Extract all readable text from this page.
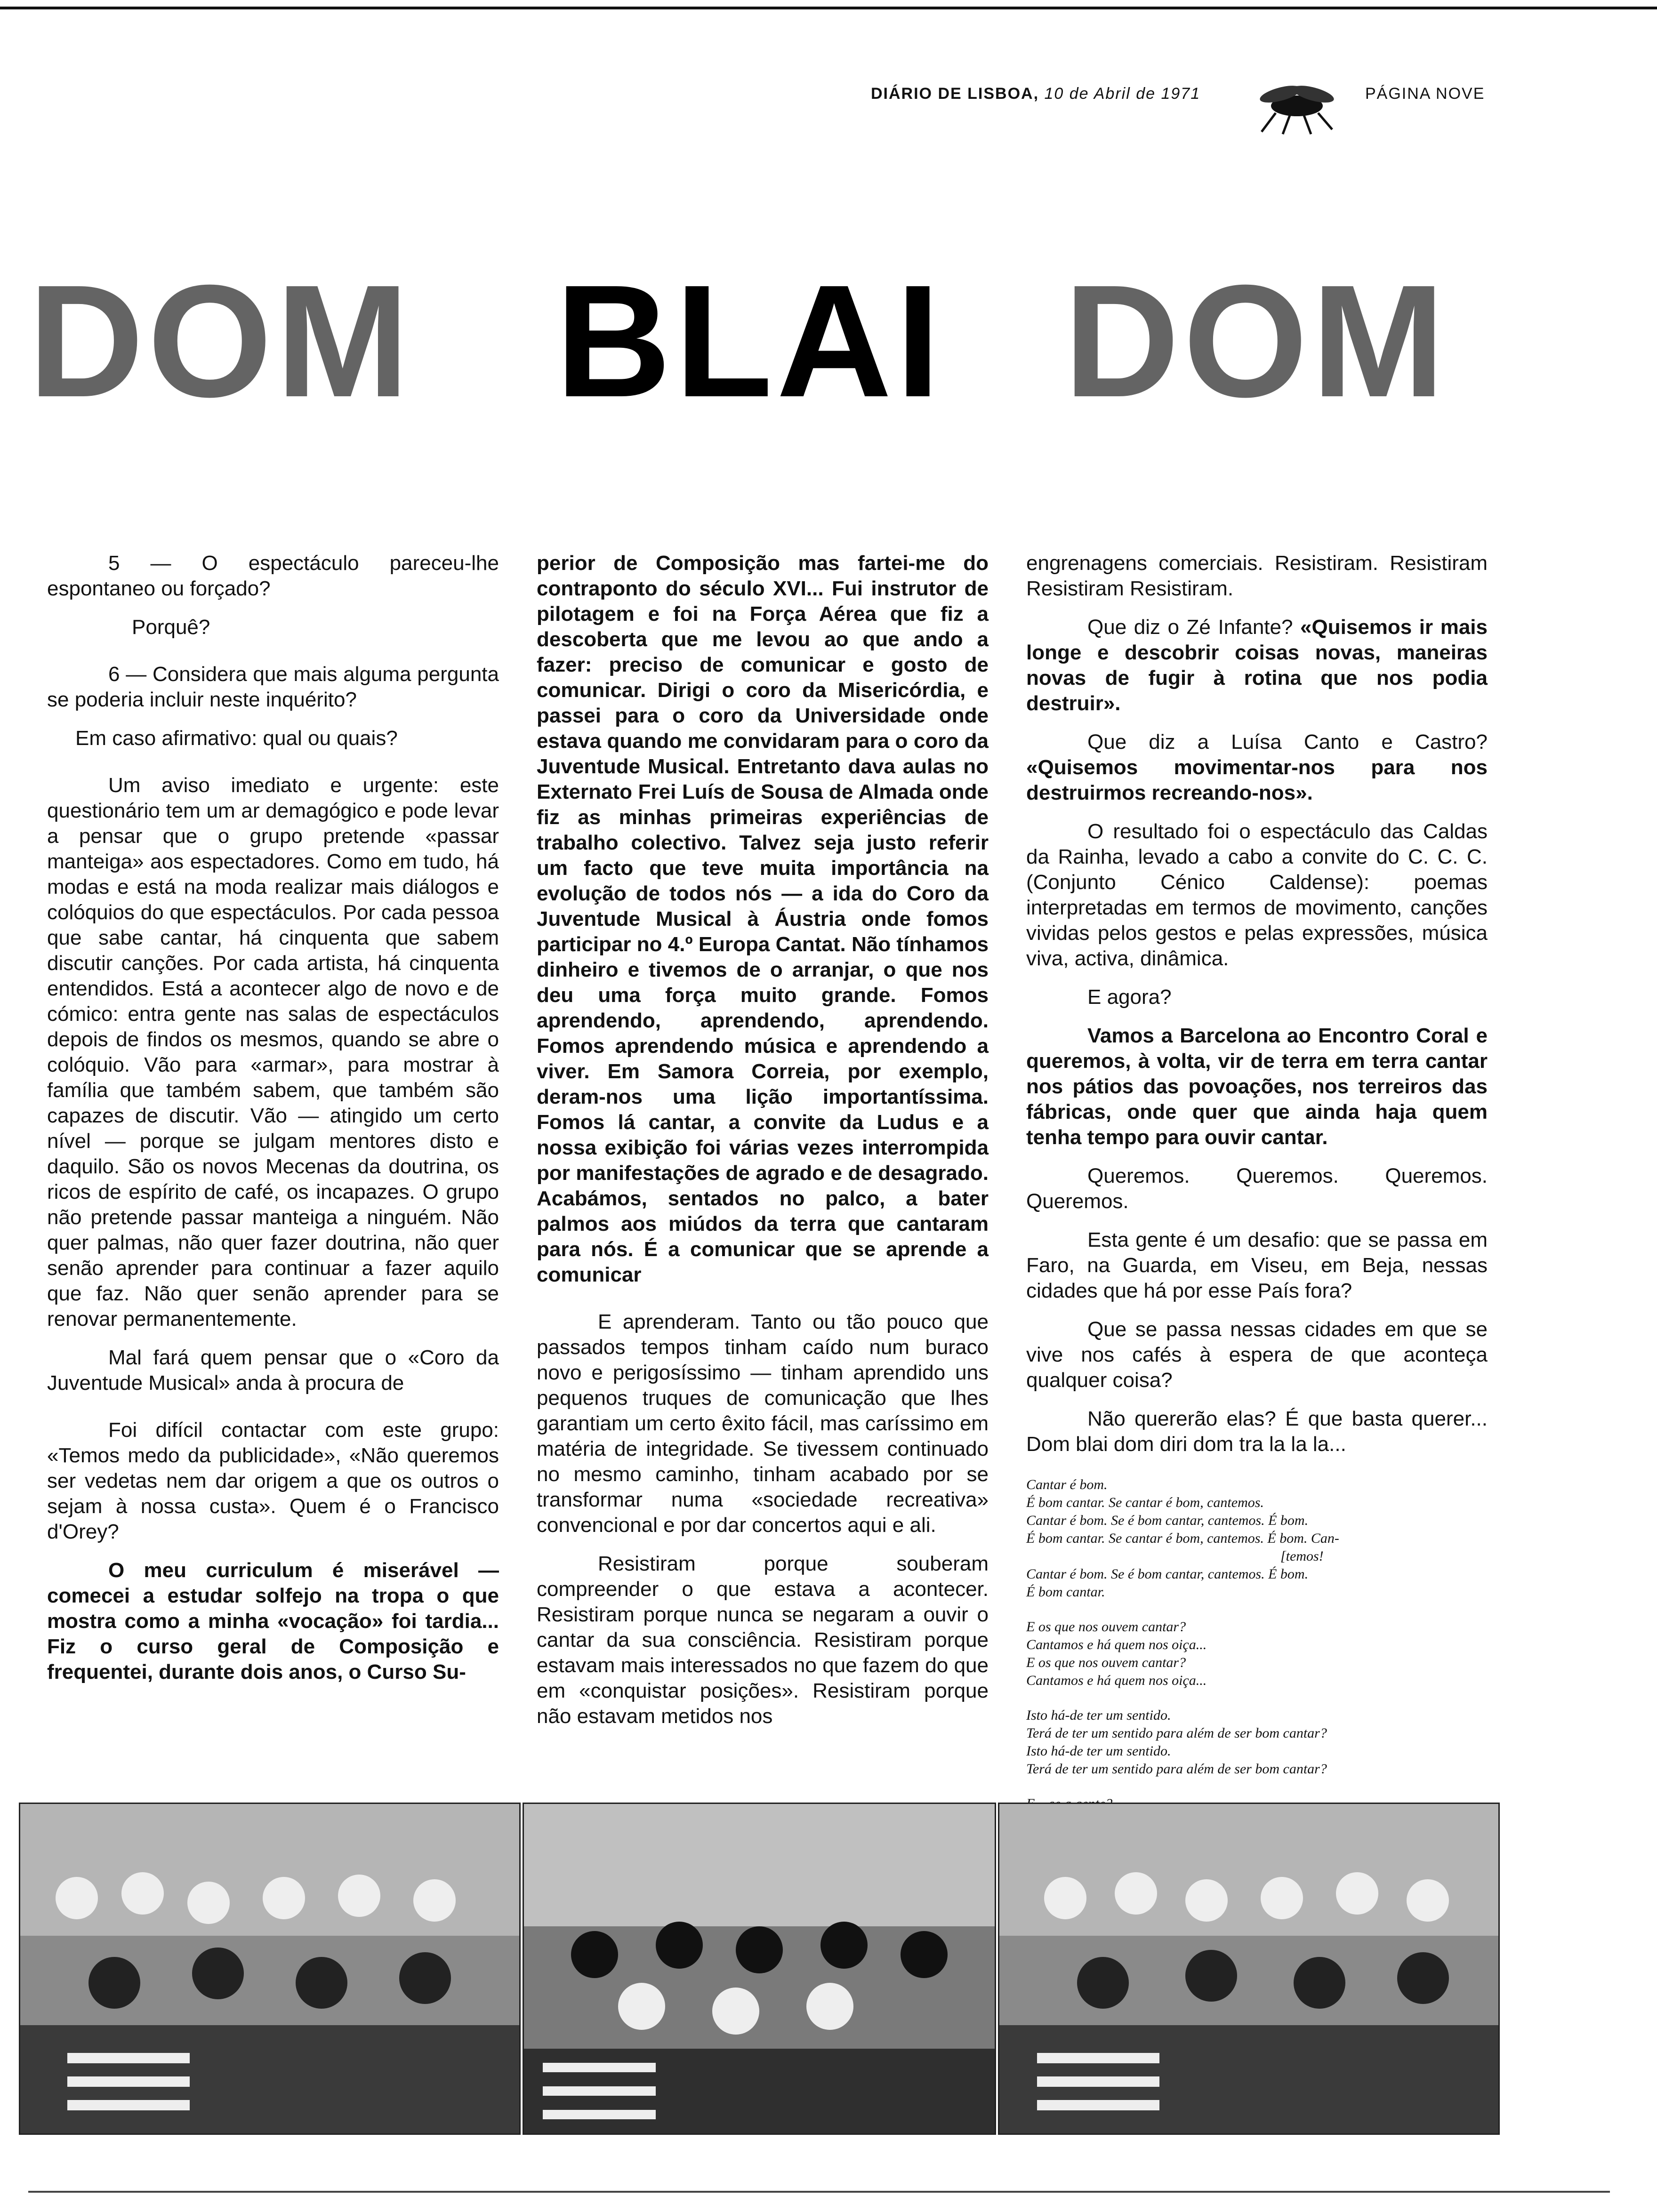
DIÁRIO DE LISBOA, 10 de Abril de 1971	PÁGINA NOVE
DOM BLAI DOM

5 — O espectáculo pareceu-lhe espontaneo ou forçado?

Porquê?

6 — Considera que mais alguma pergunta se poderia incluir neste inquérito?

Em caso afirmativo: qual ou quais?

Um aviso imediato e urgente: este questionário tem um ar demagógico e pode levar a pensar que o grupo pretende «passar manteiga» aos espectadores. Como em tudo, há modas e está na moda realizar mais diálogos e colóquios do que espectáculos. Por cada pessoa que sabe cantar, há cinquenta que sabem discutir canções. Por cada artista, há cinquenta entendidos. Está a acontecer algo de novo e de cómico: entra gente nas salas de espectáculos depois de findos os mesmos, quando se abre o colóquio. Vão para «armar», para mostrar à família que também sabem, que também são capazes de discutir. Vão — atingido um certo nível — porque se julgam mentores disto e daquilo. São os novos Mecenas da doutrina, os ricos de espírito de café, os incapazes. O grupo não pretende passar manteiga a ninguém. Não quer palmas, não quer fazer doutrina, não quer senão aprender para continuar a fazer aquilo que faz. Não quer senão aprender para se renovar permanentemente.

Mal fará quem pensar que o «Coro da Juventude Musical» anda à procura de

Foi difícil contactar com este grupo: «Temos medo da publicidade», «Não queremos ser vedetas nem dar origem a que os outros o sejam à nossa custa». Quem é o Francisco d'Orey?

O meu curriculum é miserável — comecei a estudar solfejo na tropa o que mostra como a minha «vocação» foi tardia... Fiz o curso geral de Composição e frequentei, durante dois anos, o Curso Su-

perior de Composição mas fartei-me do contraponto do século XVI... Fui instrutor de pilotagem e foi na Força Aérea que fiz a descoberta que me levou ao que ando a fazer: preciso de comunicar e gosto de comunicar. Dirigi o coro da Misericórdia, e passei para o coro da Universidade onde estava quando me convidaram para o coro da Juventude Musical. Entretanto dava aulas no Externato Frei Luís de Sousa de Almada onde fiz as minhas primeiras experiências de trabalho colectivo. Talvez seja justo referir um facto que teve muita importância na evolução de todos nós — a ida do Coro da Juventude Musical à Áustria onde fomos participar no 4.º Europa Cantat. Não tínhamos dinheiro e tivemos de o arranjar, o que nos deu uma força muito grande. Fomos aprendendo, aprendendo, aprendendo. Fomos aprendendo música e aprendendo a viver. Em Samora Correia, por exemplo, deram-nos uma lição importantíssima. Fomos lá cantar, a convite da Ludus e a nossa exibição foi várias vezes interrompida por manifestações de agrado e de desagrado. Acabámos, sentados no palco, a bater palmos aos miúdos da terra que cantaram para nós. É a comunicar que se aprende a comunicar

E aprenderam. Tanto ou tão pouco que passados tempos tinham caído num buraco novo e perigosíssimo — tinham aprendido uns pequenos truques de comunicação que lhes garantiam um certo êxito fácil, mas caríssimo em matéria de integridade. Se tivessem continuado no mesmo caminho, tinham acabado por se transformar numa «sociedade recreativa» convencional e por dar concertos aqui e ali.

Resistiram porque souberam compreender o que estava a acontecer. Resistiram porque nunca se negaram a ouvir o cantar da sua consciência. Resistiram porque estavam mais interessados no que fazem do que em «conquistar posições». Resistiram porque não estavam metidos nos

engrenagens comerciais. Resistiram. Resistiram Resistiram Resistiram.

Que diz o Zé Infante? «Quisemos ir mais longe e descobrir coisas novas, maneiras novas de fugir à rotina que nos podia destruir».

Que diz a Luísa Canto e Castro? «Quisemos movimentar-nos para nos destruirmos recreando-nos».

O resultado foi o espectáculo das Caldas da Rainha, levado a cabo a convite do C. C. C. (Conjunto Cénico Caldense): poemas interpretadas em termos de movimento, canções vividas pelos gestos e pelas expressões, música viva, activa, dinâmica.

E agora?

Vamos a Barcelona ao Encontro Coral e queremos, à volta, vir de terra em terra cantar nos pátios das povoações, nos terreiros das fábricas, onde quer que ainda haja quem tenha tempo para ouvir cantar.

Queremos. Queremos. Queremos. Queremos.

Esta gente é um desafio: que se passa em Faro, na Guarda, em Viseu, em Beja, nessas cidades que há por esse País fora?

Que se passa nessas cidades em que se vive nos cafés à espera de que aconteça qualquer coisa?

Não quererão elas? É que basta querer... Dom blai dom diri dom tra la la la...

Cantar é bom.
É bom cantar. Se cantar é bom, cantemos.
Cantar é bom. Se é bom cantar, cantemos. É bom.
É bom cantar. Se cantar é bom, cantemos. É bom. Can-
[temos!
Cantar é bom. Se é bom cantar, cantemos. É bom.
É bom cantar.
E os que nos ouvem cantar?
Cantamos e há quem nos oiça...
E os que nos ouvem cantar?
Cantamos e há quem nos oiça...
Isto há-de ter um sentido.
Terá de ter um sentido para além de ser bom cantar?
Isto há-de ter um sentido.
Terá de ter um sentido para além de ser bom cantar?
